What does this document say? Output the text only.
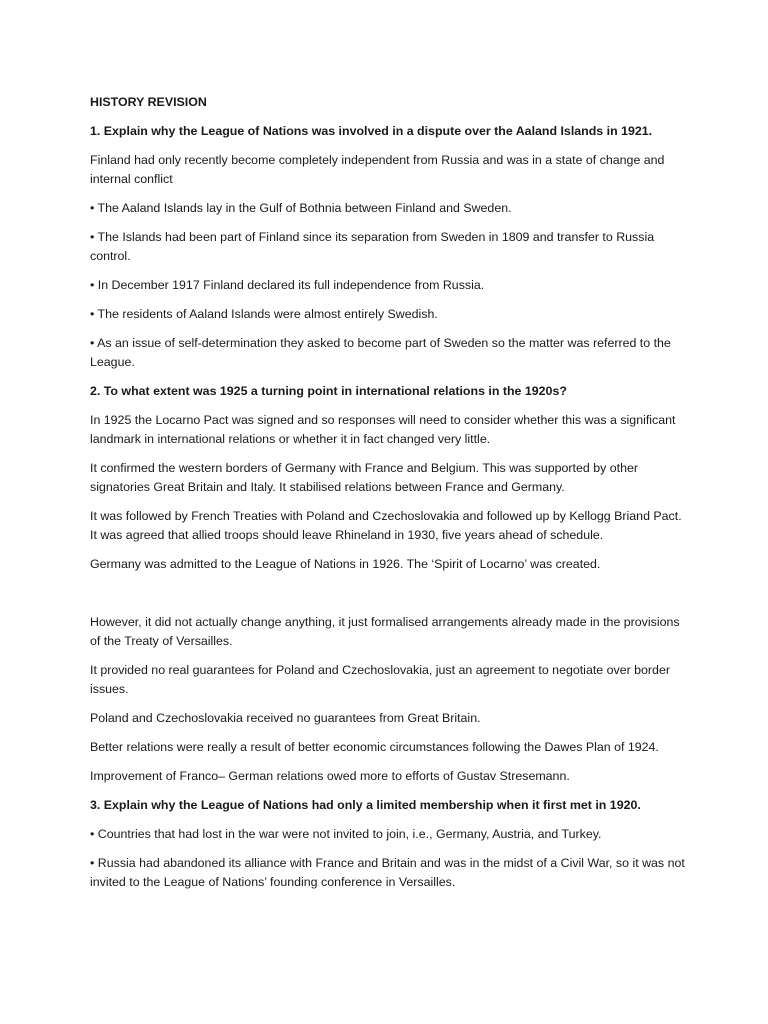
HISTORY REVISION
1. Explain why the League of Nations was involved in a dispute over the Aaland Islands in 1921.
Finland had only recently become completely independent from Russia and was in a state of change and internal conflict
• The Aaland Islands lay in the Gulf of Bothnia between Finland and Sweden.
• The Islands had been part of Finland since its separation from Sweden in 1809 and transfer to Russia control.
• In December 1917 Finland declared its full independence from Russia.
• The residents of Aaland Islands were almost entirely Swedish.
• As an issue of self-determination they asked to become part of Sweden so the matter was referred to the League.
2. To what extent was 1925 a turning point in international relations in the 1920s?
In 1925 the Locarno Pact was signed and so responses will need to consider whether this was a significant landmark in international relations or whether it in fact changed very little.
It confirmed the western borders of Germany with France and Belgium. This was supported by other signatories Great Britain and Italy. It stabilised relations between France and Germany.
It was followed by French Treaties with Poland and Czechoslovakia and followed up by Kellogg Briand Pact. It was agreed that allied troops should leave Rhineland in 1930, five years ahead of schedule.
Germany was admitted to the League of Nations in 1926. The ‘Spirit of Locarno’ was created.
However, it did not actually change anything, it just formalised arrangements already made in the provisions of the Treaty of Versailles.
It provided no real guarantees for Poland and Czechoslovakia, just an agreement to negotiate over border issues.
Poland and Czechoslovakia received no guarantees from Great Britain.
Better relations were really a result of better economic circumstances following the Dawes Plan of 1924.
Improvement of Franco– German relations owed more to efforts of Gustav Stresemann.
3. Explain why the League of Nations had only a limited membership when it first met in 1920.
• Countries that had lost in the war were not invited to join, i.e., Germany, Austria, and Turkey.
• Russia had abandoned its alliance with France and Britain and was in the midst of a Civil War, so it was not invited to the League of Nations’ founding conference in Versailles.
